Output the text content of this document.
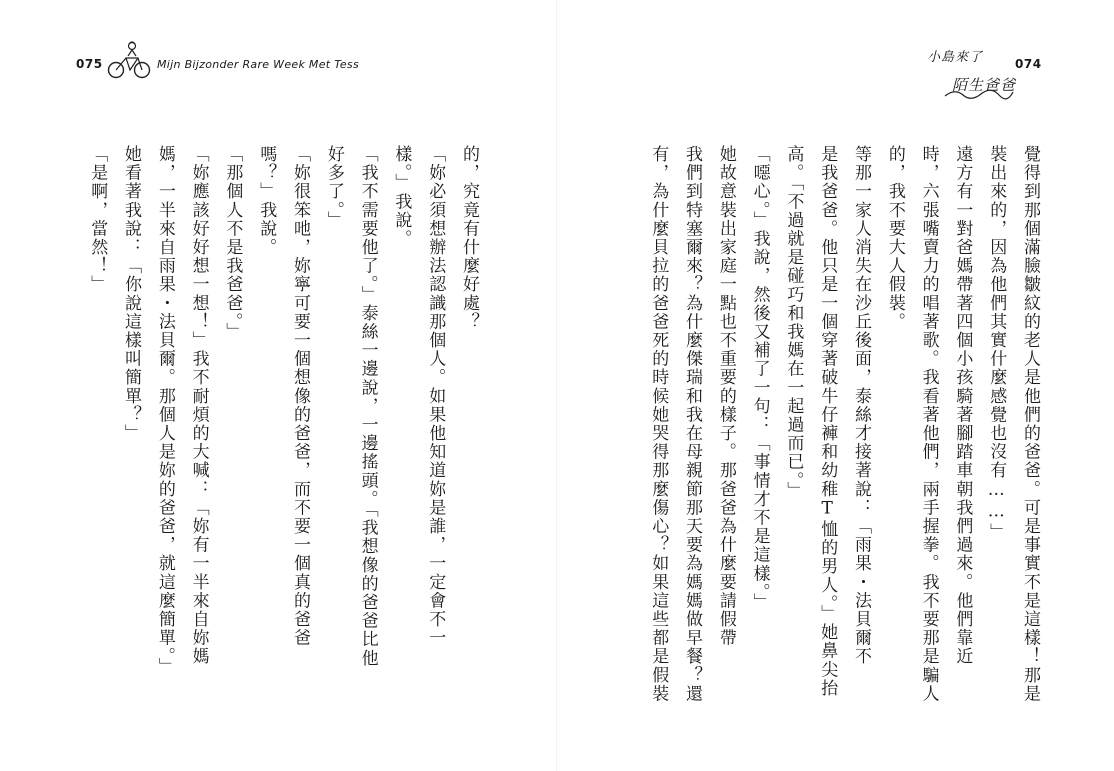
075	Mijn Bijzonder Rare Week Met Tess
的，究竟有什麼好處？
「妳必須想辦法認識那個人。如果他知道妳是誰，一定會不一
樣。」我說。
「我不需要他了。」泰絲一邊說，一邊搖頭。「我想像的爸爸比他
好多了。」
「妳很笨吔，妳寧可要一個想像的爸爸，而不要一個真的爸爸
嗎？」我說。
「那個人不是我爸爸。」
「妳應該好好想一想！」我不耐煩的大喊：「妳有一半來自妳媽
媽，一半來自雨果・法貝爾。那個人是妳的爸爸，就這麼簡單。」
她看著我說：「你說這樣叫簡單？」
「是啊，當然！」
小島來了
陌生爸爸
074
覺得到那個滿臉皺紋的老人是他們的爸爸。可是事實不是這樣！那是
裝出來的，因為他們其實什麼感覺也沒有……」
遠方有一對爸媽帶著四個小孩騎著腳踏車朝我們過來。他們靠近
時，六張嘴賣力的唱著歌。我看著他們，兩手握拳。我不要那是騙人
的，我不要大人假裝。
等那一家人消失在沙丘後面，泰絲才接著說：「雨果・法貝爾不
是我爸爸。他只是一個穿著破牛仔褲和幼稚T恤的男人。」她鼻尖抬
高。「不過就是碰巧和我媽在一起過而已。」
「噁心。」我說，然後又補了一句：「事情才不是這樣。」
她故意裝出家庭一點也不重要的樣子。那爸爸為什麼要請假帶
我們到特塞爾來？為什麼傑瑞和我在母親節那天要為媽媽做早餐？還
有，為什麼貝拉的爸爸死的時候她哭得那麼傷心？如果這些都是假裝
